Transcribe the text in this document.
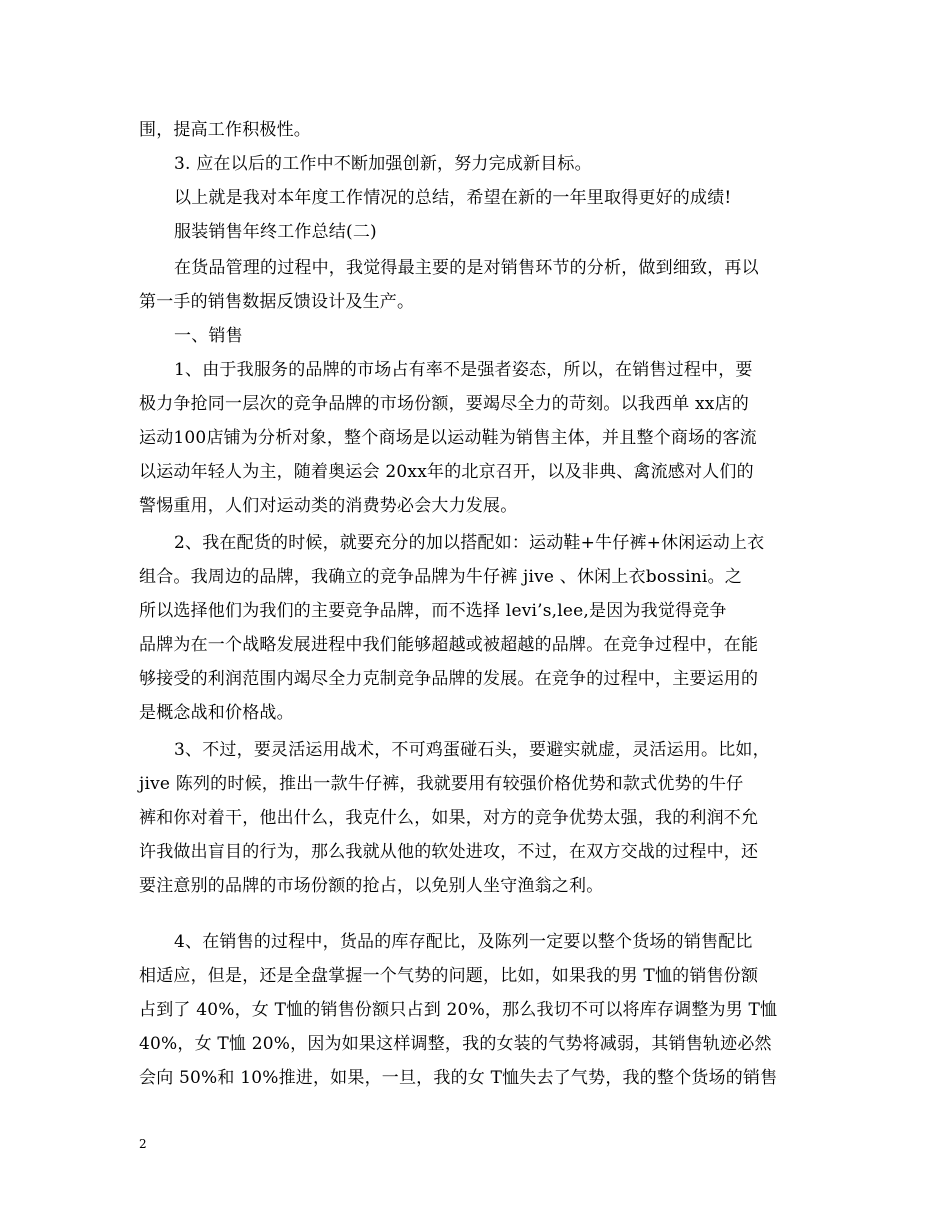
围，提高工作积极性。
3. 应在以后的工作中不断加强创新，努力完成新目标。
以上就是我对本年度工作情况的总结，希望在新的一年里取得更好的成绩!
服装销售年终工作总结(二)
在货品管理的过程中，我觉得最主要的是对销售环节的分析，做到细致，再以
第一手的销售数据反馈设计及生产。
一、销售
1、由于我服务的品牌的市场占有率不是强者姿态，所以，在销售过程中，要
极力争抢同一层次的竞争品牌的市场份额，要竭尽全力的苛刻。以我西单 xx店的
运动100店铺为分析对象，整个商场是以运动鞋为销售主体，并且整个商场的客流
以运动年轻人为主，随着奥运会 20xx年的北京召开，以及非典、禽流感对人们的
警惕重用，人们对运动类的消费势必会大力发展。
2、我在配货的时候，就要充分的加以搭配如：运动鞋+牛仔裤+休闲运动上衣
组合。我周边的品牌，我确立的竞争品牌为牛仔裤 jive 、休闲上衣bossini。之
所以选择他们为我们的主要竞争品牌，而不选择 levi’s,lee,是因为我觉得竞争
品牌为在一个战略发展进程中我们能够超越或被超越的品牌。在竞争过程中，在能
够接受的利润范围内竭尽全力克制竞争品牌的发展。在竞争的过程中，主要运用的
是概念战和价格战。
3、不过，要灵活运用战术，不可鸡蛋碰石头，要避实就虚，灵活运用。比如，
jive 陈列的时候，推出一款牛仔裤，我就要用有较强价格优势和款式优势的牛仔
裤和你对着干，他出什么，我克什么，如果，对方的竞争优势太强，我的利润不允
许我做出盲目的行为，那么我就从他的软处进攻，不过，在双方交战的过程中，还
要注意别的品牌的市场份额的抢占，以免别人坐守渔翁之利。
4、在销售的过程中，货品的库存配比，及陈列一定要以整个货场的销售配比
相适应，但是，还是全盘掌握一个气势的问题，比如，如果我的男 T恤的销售份额
占到了 40%，女 T恤的销售份额只占到 20%，那么我切不可以将库存调整为男 T恤
40%，女 T恤 20%，因为如果这样调整，我的女装的气势将减弱，其销售轨迹必然
会向 50%和 10%推进，如果，一旦，我的女 T恤失去了气势，我的整个货场的销售
2
